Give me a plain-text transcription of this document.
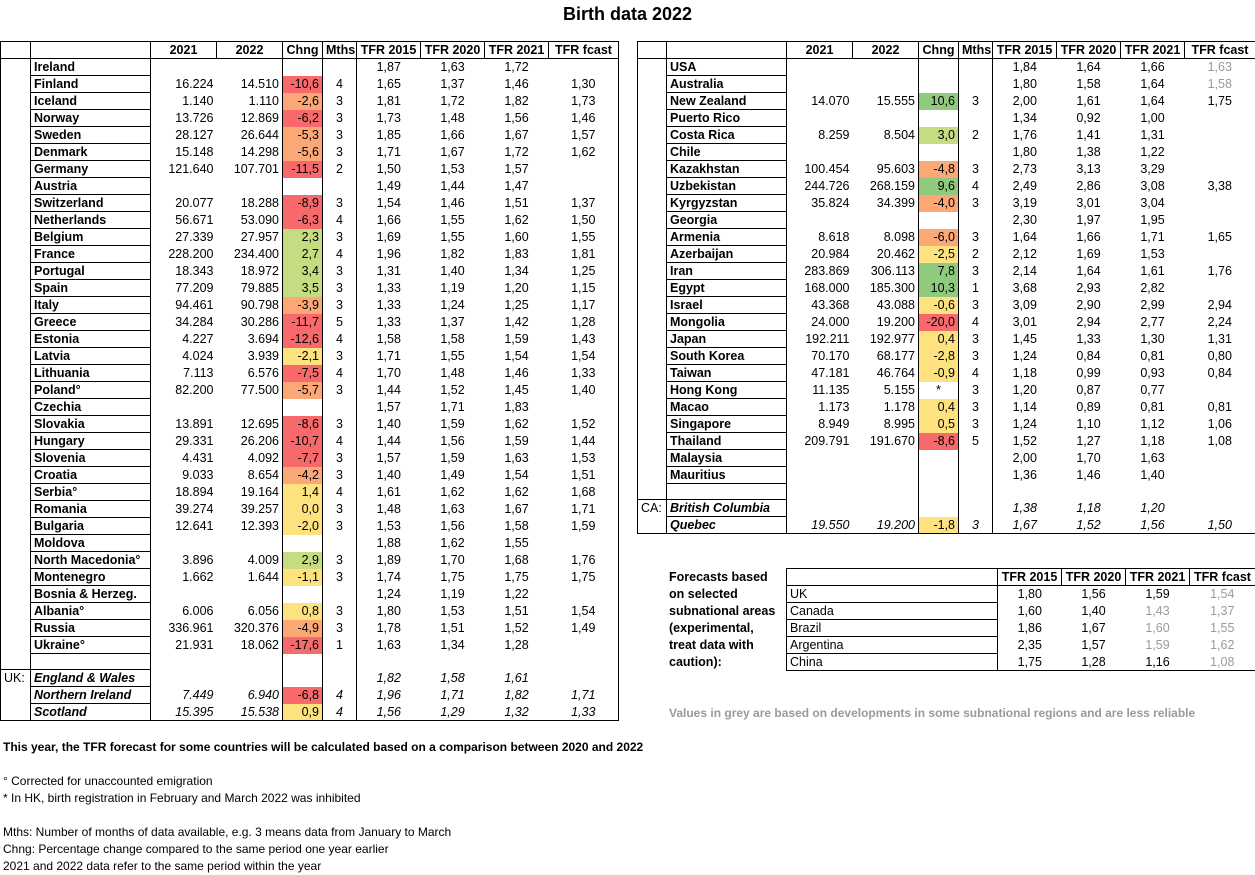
Birth data 2022
		2021	2022	Chng	Mths	TFR 2015	TFR 2020	TFR 2021	TFR fcast
	Ireland					1,87	1,63	1,72	
	Finland	16.224	14.510	-10,6	4	1,65	1,37	1,46	1,30
	Iceland	1.140	1.110	-2,6	3	1,81	1,72	1,82	1,73
	Norway	13.726	12.869	-6,2	3	1,73	1,48	1,56	1,46
	Sweden	28.127	26.644	-5,3	3	1,85	1,66	1,67	1,57
	Denmark	15.148	14.298	-5,6	3	1,71	1,67	1,72	1,62
	Germany	121.640	107.701	-11,5	2	1,50	1,53	1,57	
	Austria					1,49	1,44	1,47	
	Switzerland	20.077	18.288	-8,9	3	1,54	1,46	1,51	1,37
	Netherlands	56.671	53.090	-6,3	4	1,66	1,55	1,62	1,50
	Belgium	27.339	27.957	2,3	3	1,69	1,55	1,60	1,55
	France	228.200	234.400	2,7	4	1,96	1,82	1,83	1,81
	Portugal	18.343	18.972	3,4	3	1,31	1,40	1,34	1,25
	Spain	77.209	79.885	3,5	3	1,33	1,19	1,20	1,15
	Italy	94.461	90.798	-3,9	3	1,33	1,24	1,25	1,17
	Greece	34.284	30.286	-11,7	5	1,33	1,37	1,42	1,28
	Estonia	4.227	3.694	-12,6	4	1,58	1,58	1,59	1,43
	Latvia	4.024	3.939	-2,1	3	1,71	1,55	1,54	1,54
	Lithuania	7.113	6.576	-7,5	4	1,70	1,48	1,46	1,33
	Poland°	82.200	77.500	-5,7	3	1,44	1,52	1,45	1,40
	Czechia					1,57	1,71	1,83	
	Slovakia	13.891	12.695	-8,6	3	1,40	1,59	1,62	1,52
	Hungary	29.331	26.206	-10,7	4	1,44	1,56	1,59	1,44
	Slovenia	4.431	4.092	-7,7	3	1,57	1,59	1,63	1,53
	Croatia	9.033	8.654	-4,2	3	1,40	1,49	1,54	1,51
	Serbia°	18.894	19.164	1,4	4	1,61	1,62	1,62	1,68
	Romania	39.274	39.257	0,0	3	1,48	1,63	1,67	1,71
	Bulgaria	12.641	12.393	-2,0	3	1,53	1,56	1,58	1,59
	Moldova					1,88	1,62	1,55	
	North Macedonia°	3.896	4.009	2,9	3	1,89	1,70	1,68	1,76
	Montenegro	1.662	1.644	-1,1	3	1,74	1,75	1,75	1,75
	Bosnia & Herzeg.					1,24	1,19	1,22	
	Albania°	6.006	6.056	0,8	3	1,80	1,53	1,51	1,54
	Russia	336.961	320.376	-4,9	3	1,78	1,51	1,52	1,49
	Ukraine°	21.931	18.062	-17,6	1	1,63	1,34	1,28	

UK:	England & Wales					1,82	1,58	1,61	
	Northern Ireland	7.449	6.940	-6,8	4	1,96	1,71	1,82	1,71
	Scotland	15.395	15.538	0,9	4	1,56	1,29	1,32	1,33
		2021	2022	Chng	Mths	TFR 2015	TFR 2020	TFR 2021	TFR fcast
	USA					1,84	1,64	1,66	1,63
	Australia					1,80	1,58	1,64	1,58
	New Zealand	14.070	15.555	10,6	3	2,00	1,61	1,64	1,75
	Puerto Rico					1,34	0,92	1,00	
	Costa Rica	8.259	8.504	3,0	2	1,76	1,41	1,31	
	Chile					1,80	1,38	1,22	
	Kazakhstan	100.454	95.603	-4,8	3	2,73	3,13	3,29	
	Uzbekistan	244.726	268.159	9,6	4	2,49	2,86	3,08	3,38
	Kyrgyzstan	35.824	34.399	-4,0	3	3,19	3,01	3,04	
	Georgia					2,30	1,97	1,95	
	Armenia	8.618	8.098	-6,0	3	1,64	1,66	1,71	1,65
	Azerbaijan	20.984	20.462	-2,5	2	2,12	1,69	1,53	
	Iran	283.869	306.113	7,8	3	2,14	1,64	1,61	1,76
	Egypt	168.000	185.300	10,3	1	3,68	2,93	2,82	
	Israel	43.368	43.088	-0,6	3	3,09	2,90	2,99	2,94
	Mongolia	24.000	19.200	-20,0	4	3,01	2,94	2,77	2,24
	Japan	192.211	192.977	0,4	3	1,45	1,33	1,30	1,31
	South Korea	70.170	68.177	-2,8	3	1,24	0,84	0,81	0,80
	Taiwan	47.181	46.764	-0,9	4	1,18	0,99	0,93	0,84
	Hong Kong	11.135	5.155	*	3	1,20	0,87	0,77	
	Macao	1.173	1.178	0,4	3	1,14	0,89	0,81	0,81
	Singapore	8.949	8.995	0,5	3	1,24	1,10	1,12	1,06
	Thailand	209.791	191.670	-8,6	5	1,52	1,27	1,18	1,08
	Malaysia					2,00	1,70	1,63	
	Mauritius					1,36	1,46	1,40	

CA:	British Columbia					1,38	1,18	1,20	
	Quebec	19.550	19.200	-1,8	3	1,67	1,52	1,56	1,50
Forecasts based on selected subnational areas (experimental, treat data with caution):
	TFR 2015	TFR 2020	TFR 2021	TFR fcast
UK	1,80	1,56	1,59	1,54
Canada	1,60	1,40	1,43	1,37
Brazil	1,86	1,67	1,60	1,55
Argentina	2,35	1,57	1,59	1,62
China	1,75	1,28	1,16	1,08
Values in grey are based on developments in some subnational regions and are less reliable
This year, the TFR forecast for some countries will be calculated based on a comparison between 2020 and 2022
° Corrected for unaccounted emigration
* In HK, birth registration in February and March 2022 was inhibited
Mths: Number of months of data available, e.g. 3 means data from January to March
Chng: Percentage change compared to the same period one year earlier
2021 and 2022 data refer to the same period within the year
